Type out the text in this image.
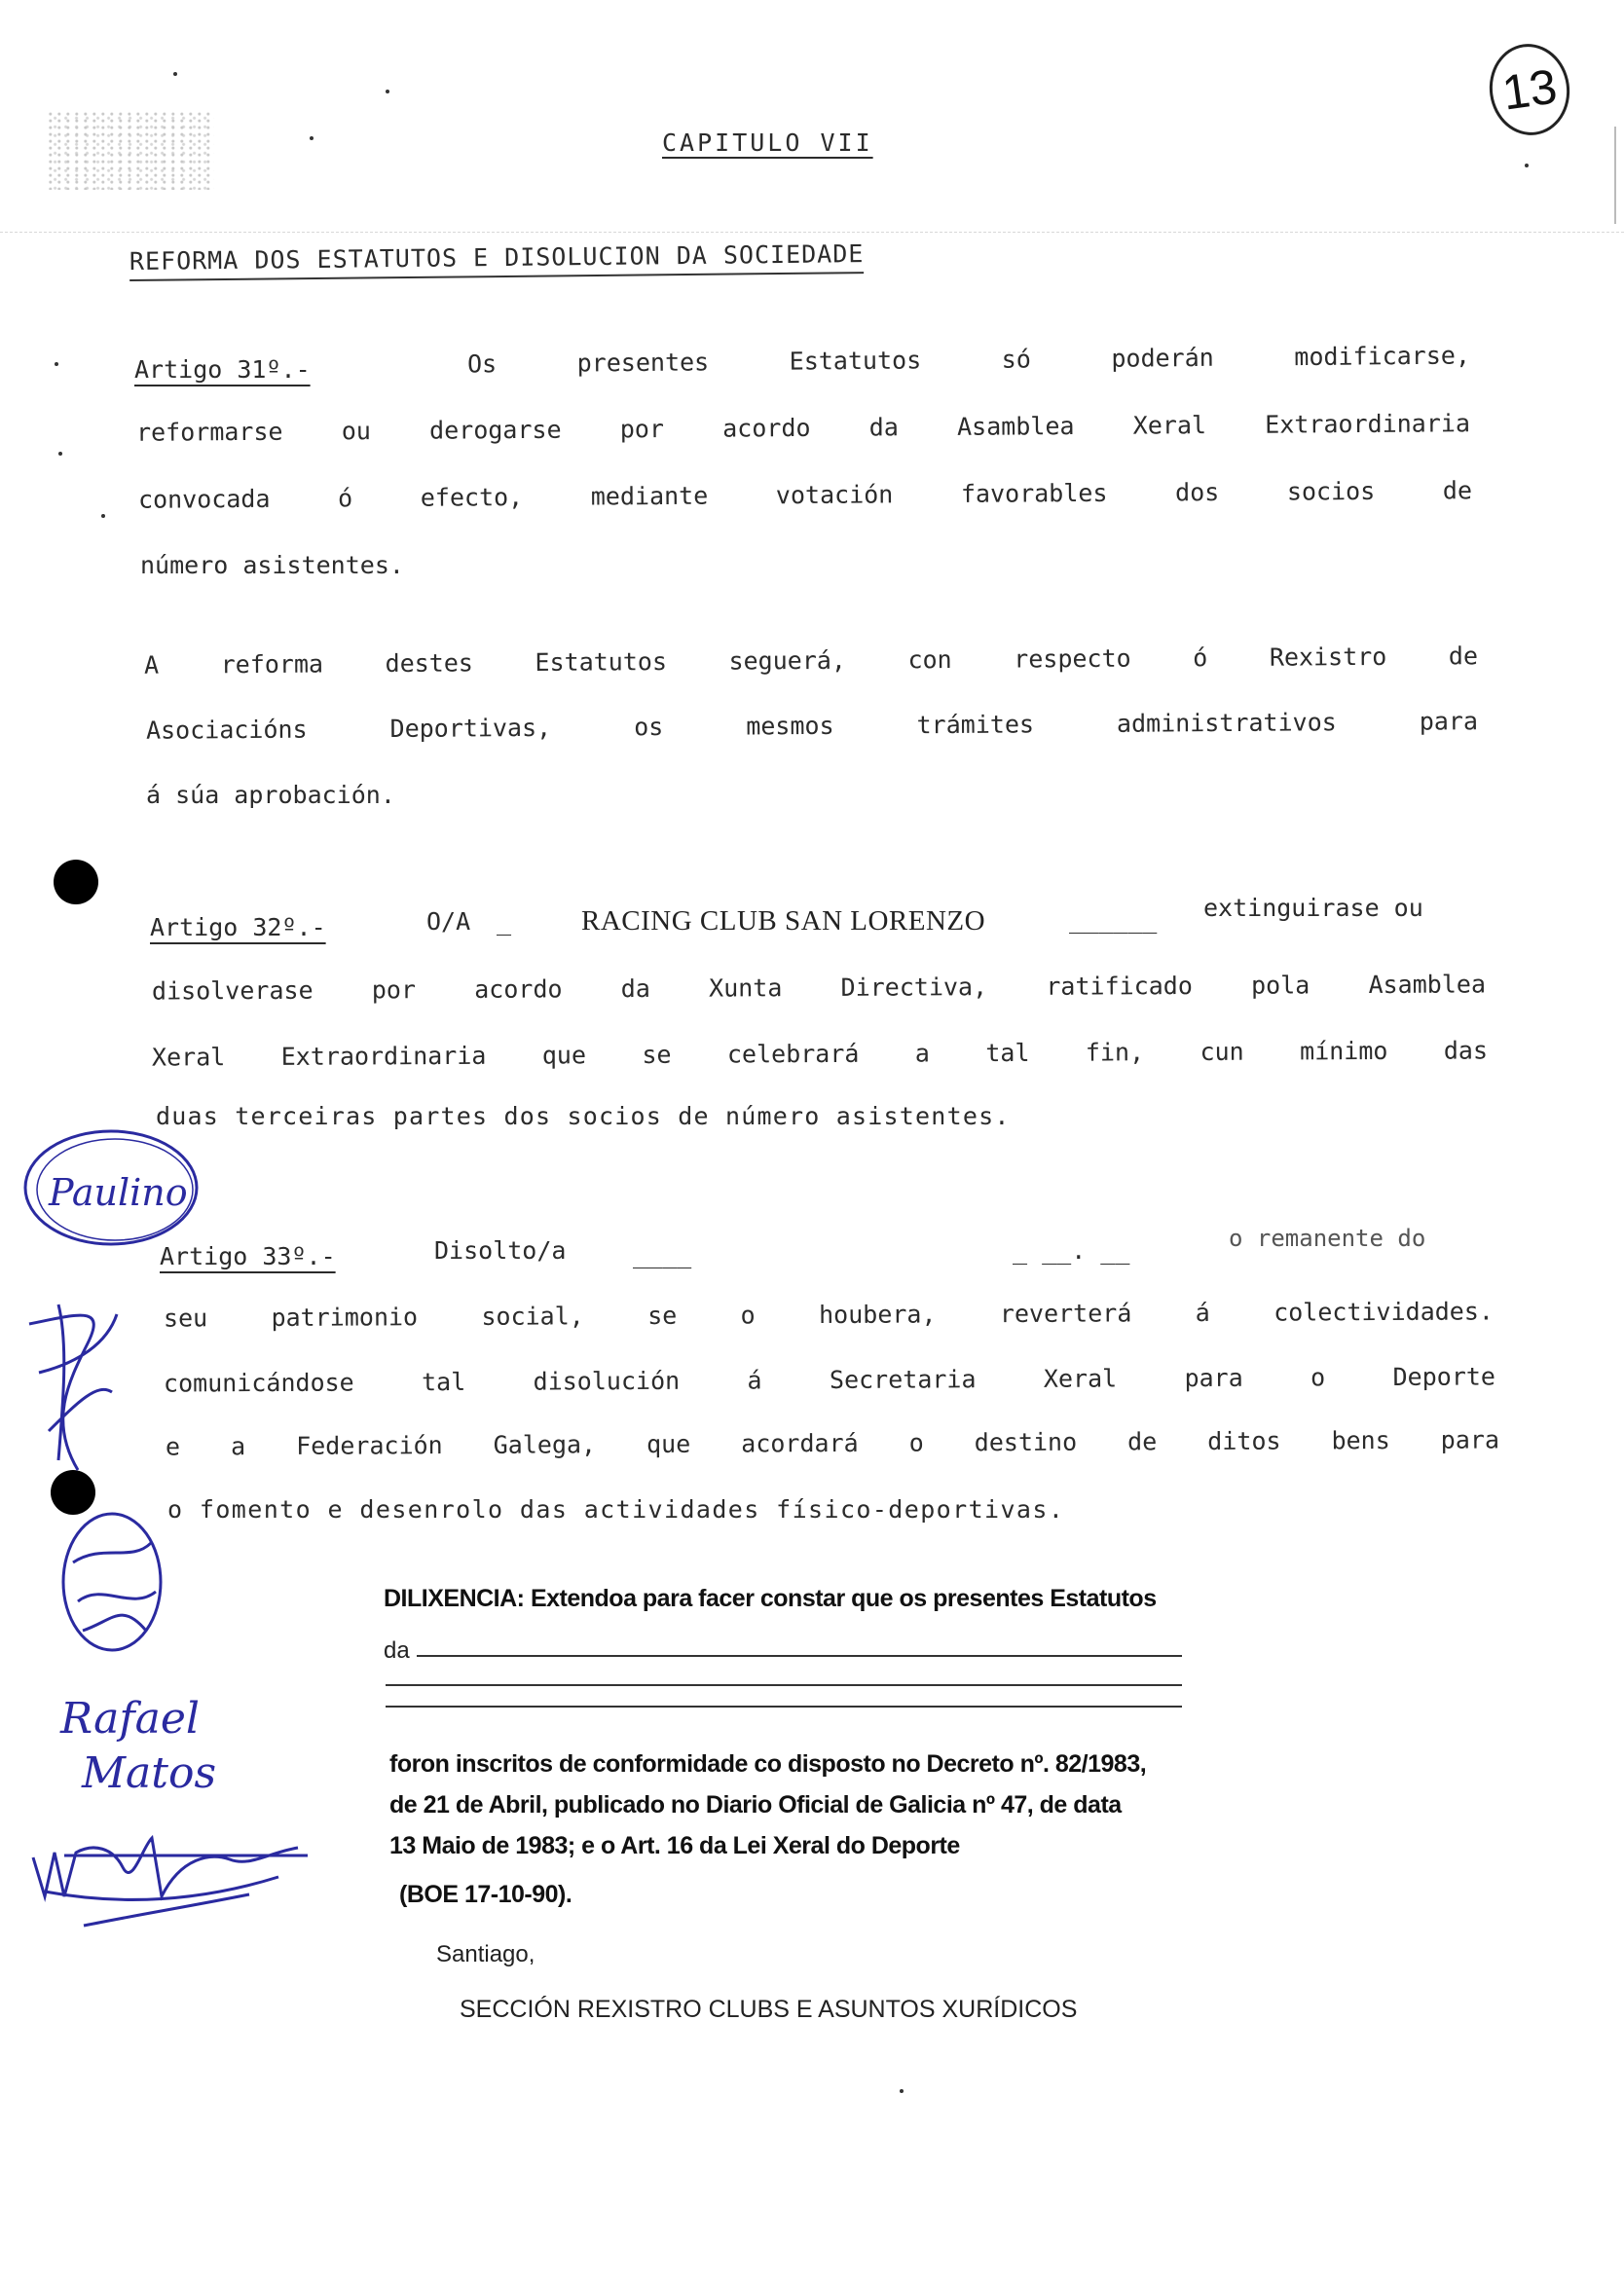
13
CAPITULO VII
REFORMA DOS ESTATUTOS E DISOLUCION DA SOCIEDADE
Artigo 31º.-	Os	presentes	Estatutos	só	poderán	modificarse,
reformarse ou derogarse por acordo da Asamblea Xeral Extraordinaria
convocada	ó	efecto,	mediante	votación	favorables	dos	socios	de
número asistentes.
A	reforma	destes	Estatutos	seguerá,	con	respecto	ó	Rexistro	de
Asociacións	Deportivas,	os	mesmos	trámites	administrativos	para
á súa aprobación.
Artigo 32º.-	O/A _ RACING CLUB SAN LORENZO	______ extinguirase ou
disolverase por acordo da Xunta Directiva, ratificado pola Asamblea
Xeral Extraordinaria que se celebrará a tal fin, cun mínimo das
duas terceiras partes dos socios de número asistentes.
Artigo 33º.-	Disolto/a	____	_ __. __	o remanente do
seu	patrimonio	social,	se	o	houbera,	reverterá	á	colectividades.
comunicándose	tal	disolución	á	Secretaria	Xeral	para	o	Deporte
e a Federación Galega, que acordará o destino de ditos bens para
o fomento e desenrolo das actividades físico-deportivas.
DILIXENCIA: Extendoa para facer constar que os presentes Estatutos
da
foron inscritos de conformidade co disposto no Decreto nº. 82/1983,
de 21 de Abril, publicado no Diario Oficial de Galicia nº 47, de data
13 Maio de 1983; e o Art. 16 da Lei Xeral do Deporte
(BOE 17-10-90).
Santiago,
SECCIÓN REXISTRO CLUBS E ASUNTOS XURÍDICOS
Paulino
Rafael
Matos
